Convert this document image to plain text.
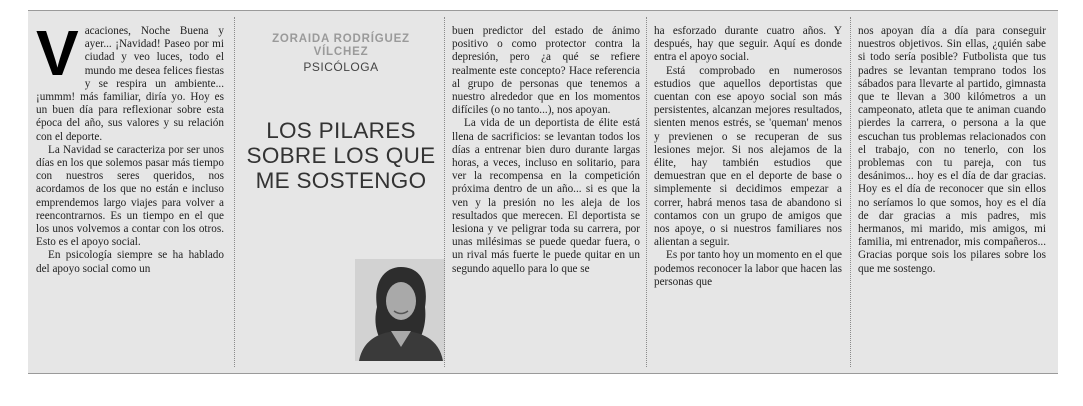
V acaciones, Noche Buena y ayer... ¡Navidad! Paseo por mi ciudad y veo luces, todo el mundo me desea felices fiestas y se respira un ambiente... ¡ummm! más familiar, diría yo. Hoy es un buen día para reflexionar sobre esta época del año, sus valores y su relación con el deporte.

La Navidad se caracteriza por ser unos días en los que solemos pasar más tiempo con nuestros seres queridos, nos acordamos de los que no están e incluso emprendemos largo viajes para volver a reencontrarnos. Es un tiempo en el que los unos volvemos a contar con los otros. Esto es el apoyo social.

En psicología siempre se ha hablado del apoyo social como un

ZORAIDA RODRÍGUEZ VÍLCHEZ
PSICÓLOGA
LOS PILARES SOBRE LOS QUE ME SOSTENGO

buen predictor del estado de ánimo positivo o como protector contra la depresión, pero ¿a qué se refiere realmente este concepto? Hace referencia al grupo de personas que tenemos a nuestro alrededor que en los momentos difíciles (o no tanto...), nos apoyan.

La vida de un deportista de élite está llena de sacrificios: se levantan todos los días a entrenar bien duro durante largas horas, a veces, incluso en solitario, para ver la recompensa en la competición próxima dentro de un año... si es que la ven y la presión no les aleja de los resultados que merecen. El deportista se lesiona y ve peligrar toda su carrera, por unas milésimas se puede quedar fuera, o un rival más fuerte le puede quitar en un segundo aquello para lo que se

ha esforzado durante cuatro años. Y después, hay que seguir. Aquí es donde entra el apoyo social.

Está comprobado en numerosos estudios que aquellos deportistas que cuentan con ese apoyo social son más persistentes, alcanzan mejores resultados, sienten menos estrés, se 'queman' menos y previenen o se recuperan de sus lesiones mejor. Si nos alejamos de la élite, hay también estudios que demuestran que en el deporte de base o simplemente si decidimos empezar a correr, habrá menos tasa de abandono si contamos con un grupo de amigos que nos apoye, o si nuestros familiares nos alientan a seguir.

Es por tanto hoy un momento en el que podemos reconocer la labor que hacen las personas que

nos apoyan día a día para conseguir nuestros objetivos. Sin ellas, ¿quién sabe si todo sería posible? Futbolista que tus padres se levantan temprano todos los sábados para llevarte al partido, gimnasta que te llevan a 300 kilómetros a un campeonato, atleta que te animan cuando pierdes la carrera, o persona a la que escuchan tus problemas relacionados con el trabajo, con no tenerlo, con los problemas con tu pareja, con tus desánimos... hoy es el día de dar gracias. Hoy es el día de reconocer que sin ellos no seríamos lo que somos, hoy es el día de dar gracias a mis padres, mis hermanos, mi marido, mis amigos, mi familia, mi entrenador, mis compañeros... Gracias porque sois los pilares sobre los que me sostengo.
